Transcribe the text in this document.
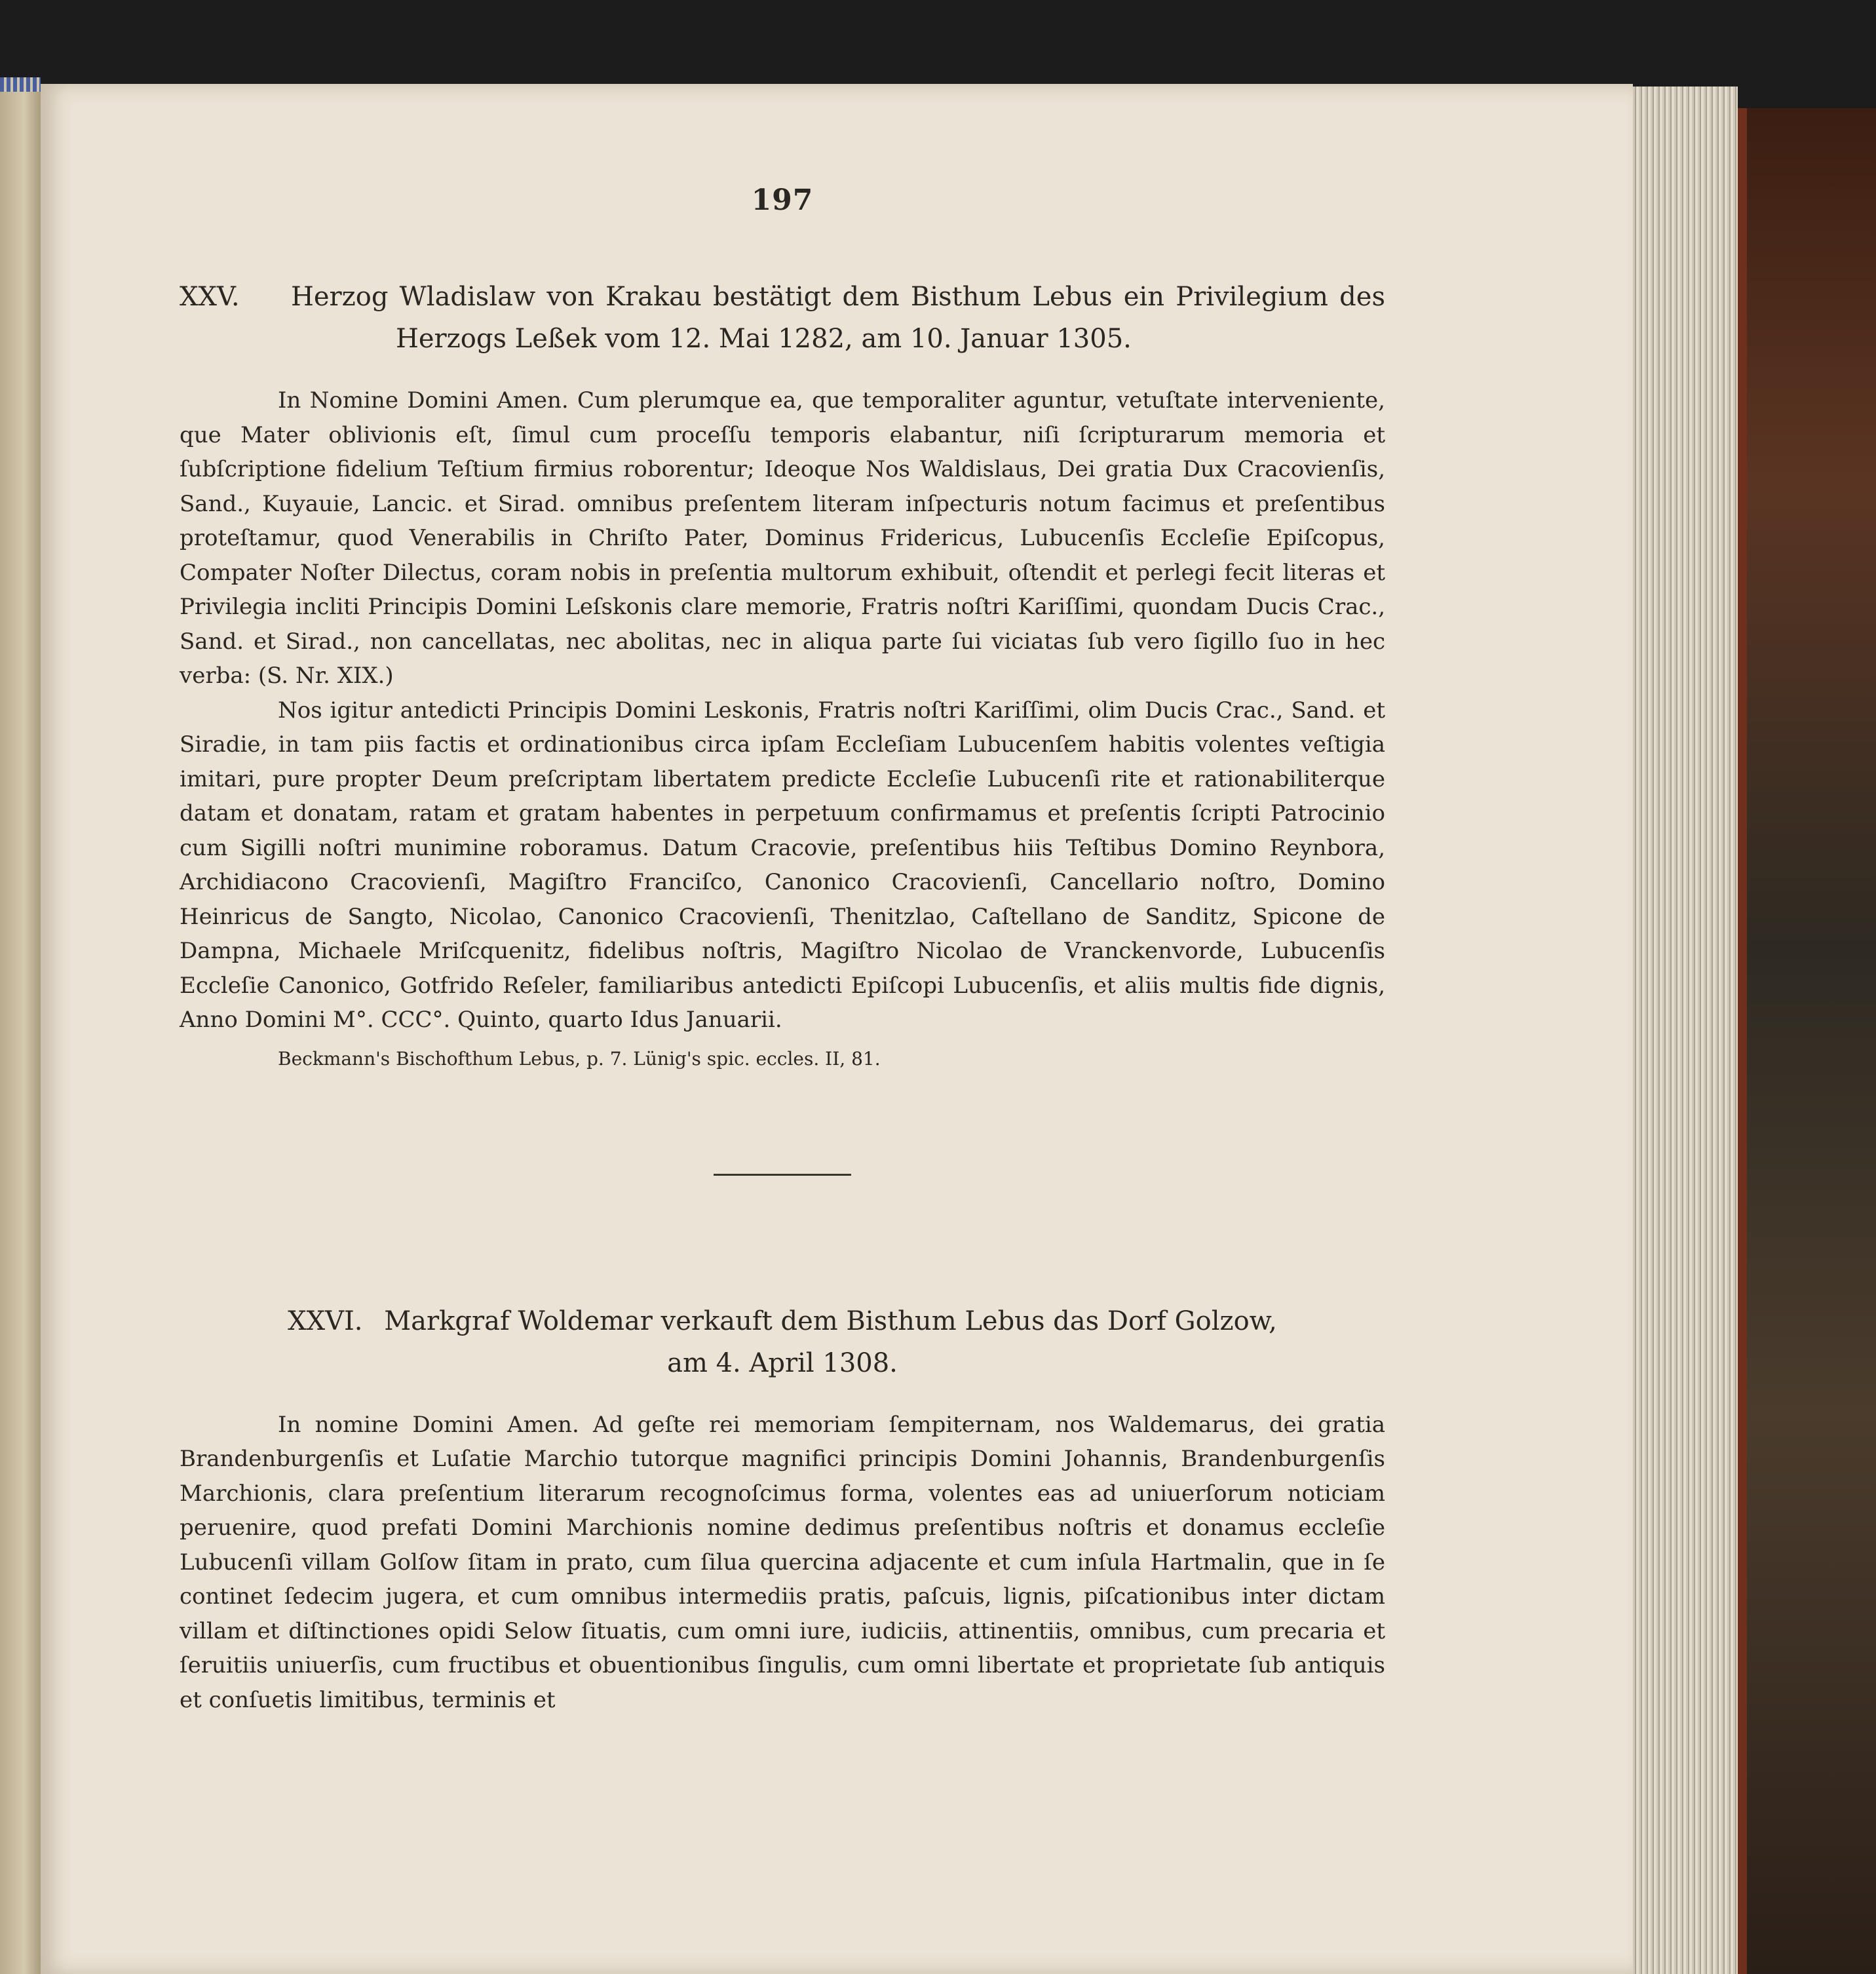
197
XXV.	Herzog Wladislaw von Krakau bestätigt dem Bisthum Lebus ein Privilegium des
Herzogs Leßek vom 12. Mai 1282, am 10. Januar 1305.

In Nomine Domini Amen. Cum plerumque ea, que temporaliter aguntur, vetuſtate interveniente, que Mater oblivionis eſt, ſimul cum proceſſu temporis elabantur, niſi ſcripturarum memoria et ſubſcriptione fidelium Teſtium firmius roborentur; Ideoque Nos Waldislaus, Dei gratia Dux Cracovienſis, Sand., Kuyauie, Lancic. et Sirad. omnibus preſentem literam inſpecturis notum facimus et preſentibus proteſtamur, quod Venerabilis in Chriſto Pater, Dominus Fridericus, Lubucenſis Eccleſie Epiſcopus, Compater Noſter Dilectus, coram nobis in preſentia multorum exhibuit, oſtendit et perlegi fecit literas et Privilegia incliti Principis Domini Leſskonis clare memorie, Fratris noſtri Kariſſimi, quondam Ducis Crac., Sand. et Sirad., non cancellatas, nec abolitas, nec in aliqua parte ſui viciatas ſub vero ſigillo ſuo in hec verba: (S. Nr. XIX.)

Nos igitur antedicti Principis Domini Leskonis, Fratris noſtri Kariſſimi, olim Ducis Crac., Sand. et Siradie, in tam piis factis et ordinationibus circa ipſam Eccleſiam Lubucenſem habitis volentes veſtigia imitari, pure propter Deum preſcriptam libertatem predicte Eccleſie Lubucenſi rite et rationabiliterque datam et donatam, ratam et gratam habentes in perpetuum confirmamus et preſentis ſcripti Patrocinio cum Sigilli noſtri munimine roboramus. Datum Cracovie, preſentibus hiis Teſtibus Domino Reynbora, Archidiacono Cracovienſi, Magiſtro Franciſco, Canonico Cracovienſi, Cancellario noſtro, Domino Heinricus de Sangto, Nicolao, Canonico Cracovienſi, Thenitzlao, Caſtellano de Sanditz, Spicone de Dampna, Michaele Mriſcquenitz, fidelibus noſtris, Magiſtro Nicolao de Vranckenvorde, Lubucenſis Eccleſie Canonico, Gotfrido Reſeler, familiaribus antedicti Epiſcopi Lubucenſis, et aliis multis fide dignis, Anno Domini M°. CCC°. Quinto, quarto Idus Januarii.

Beckmann's Bischofthum Lebus, p. 7. Lünig's spic. eccles. II, 81.
XXVI. Markgraf Woldemar verkauft dem Bisthum Lebus das Dorf Golzow,
am 4. April 1308.

In nomine Domini Amen. Ad geſte rei memoriam ſempiternam, nos Waldemarus, dei gratia Brandenburgenſis et Luſatie Marchio tutorque magnifici principis Domini Johannis, Brandenburgenſis Marchionis, clara preſentium literarum recognoſcimus forma, volentes eas ad uniuerſorum noticiam peruenire, quod prefati Domini Marchionis nomine dedimus preſentibus noſtris et donamus eccleſie Lubucenſi villam Golſow ſitam in prato, cum ſilua quercina adjacente et cum inſula Hartmalin, que in ſe continet ſedecim jugera, et cum omnibus intermediis pratis, paſcuis, lignis, piſcationibus inter dictam villam et diſtinctiones opidi Selow ſituatis, cum omni iure, iudiciis, attinentiis, omnibus, cum precaria et ſeruitiis uniuerſis, cum fructibus et obuentionibus ſingulis, cum omni libertate et proprietate ſub antiquis et conſuetis limitibus, terminis et
